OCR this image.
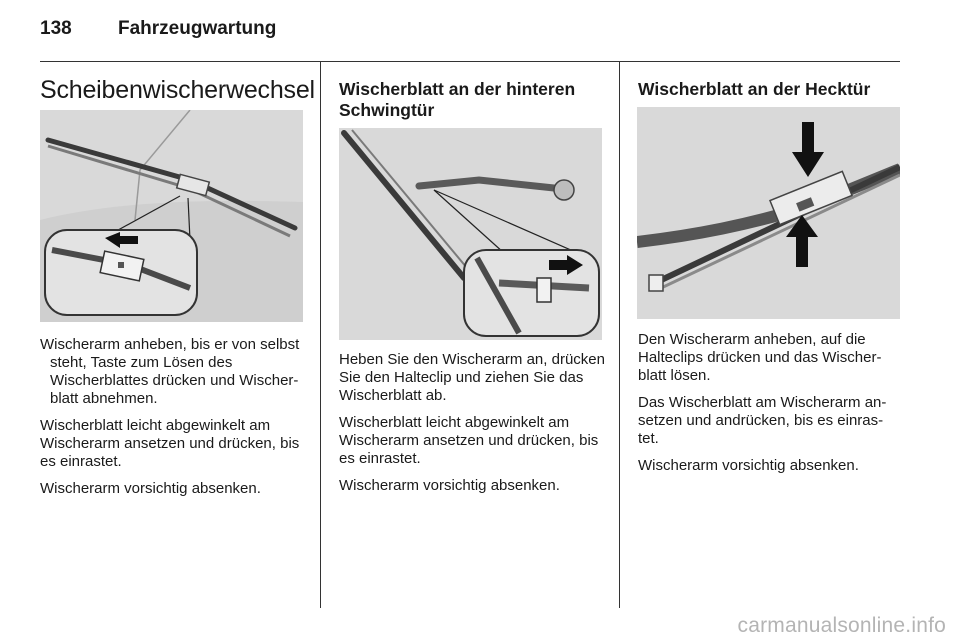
138 Fahrzeugwartung
Scheibenwischerwechsel

Wischerarm anheben, bis er von selbst steht, Taste zum Lösen des Wischerblattes drücken und Wischer- blatt abnehmen.

Wischerblatt leicht abgewinkelt am Wischerarm ansetzen und drücken, bis es einrastet.

Wischerarm vorsichtig absenken.

Wischerblatt an der hinteren Schwingtür

Heben Sie den Wischerarm an, drücken Sie den Halteclip und ziehen Sie das Wischerblatt ab.

Wischerblatt leicht abgewinkelt am Wischerarm ansetzen und drücken, bis es einrastet.

Wischerarm vorsichtig absenken.

Wischerblatt an der Hecktür

Den Wischerarm anheben, auf die Halteclips drücken und das Wischer- blatt lösen.

Das Wischerblatt am Wischerarm an- setzen und andrücken, bis es einras- tet.

Wischerarm vorsichtig absenken.

carmanualsonline.info
